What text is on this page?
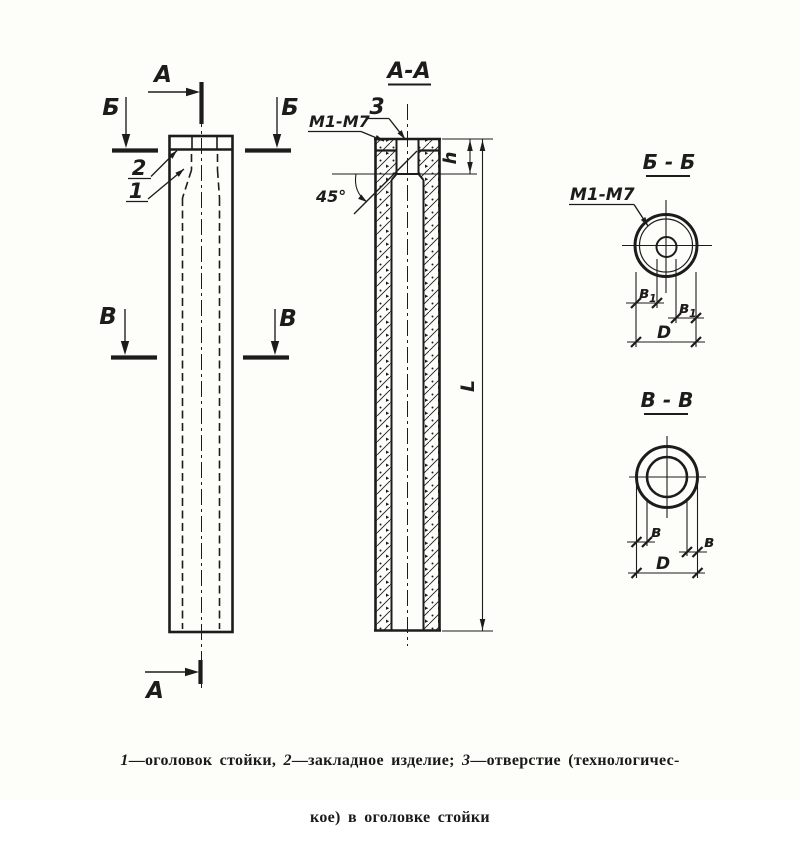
2
1
А
А
Б	Б
В	В
А-А
3
М1-М7
45°
h
L
Б - Б
М1-М7
в 1 в 1
D
В - В
в
в
D

1—оголовок стойки, 2—закладное изделие; 3—отверстие (технологичес-

кое) в оголовке стойки
